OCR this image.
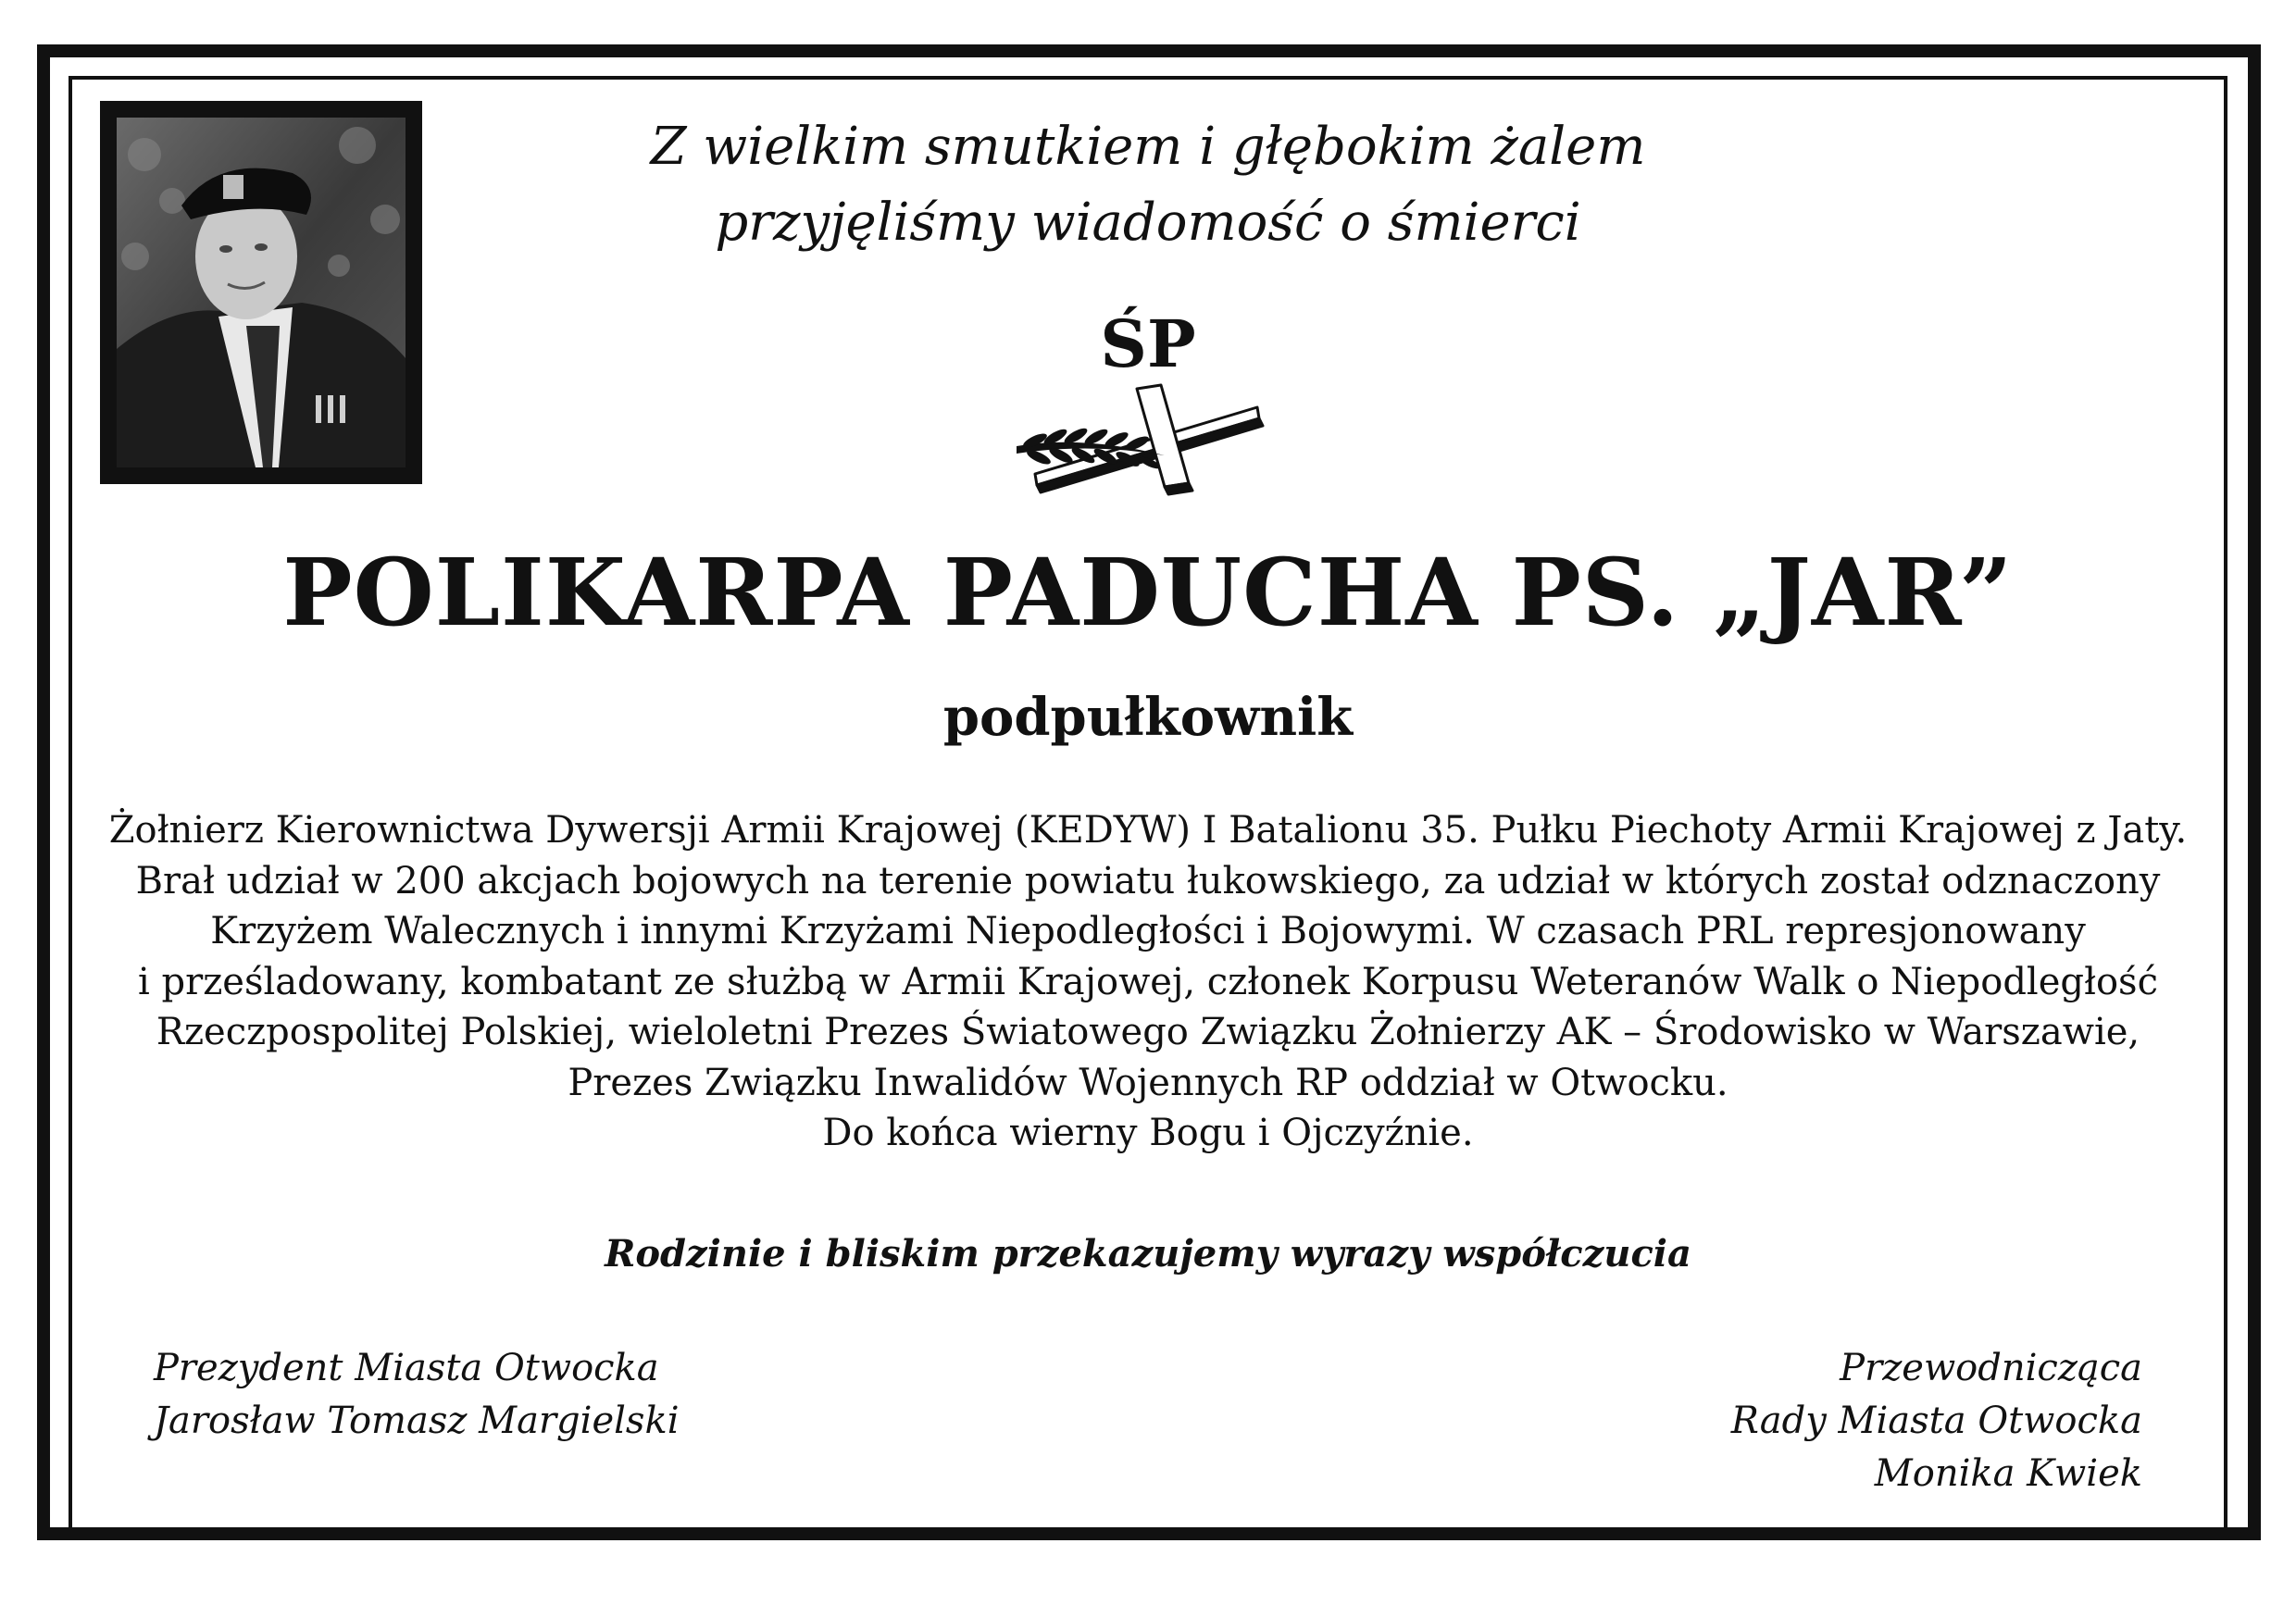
Z wielkim smutkiem i głębokim żalem
przyjęliśmy wiadomość o śmierci
ŚP
POLIKARPA PADUCHA PS. „JAR”
podpułkownik
Żołnierz Kierownictwa Dywersji Armii Krajowej (KEDYW) I Batalionu 35. Pułku Piechoty Armii Krajowej z Jaty.
Brał udział w 200 akcjach bojowych na terenie powiatu łukowskiego, za udział w których został odznaczony
Krzyżem Walecznych i innymi Krzyżami Niepodległości i Bojowymi. W czasach PRL represjonowany
i prześladowany, kombatant ze służbą w Armii Krajowej, członek Korpusu Weteranów Walk o Niepodległość
Rzeczpospolitej Polskiej, wieloletni Prezes Światowego Związku Żołnierzy AK – Środowisko w Warszawie,
Prezes Związku Inwalidów Wojennych RP oddział w Otwocku.
Do końca wierny Bogu i Ojczyźnie.
Rodzinie i bliskim przekazujemy wyrazy współczucia
Prezydent Miasta Otwocka
Jarosław Tomasz Margielski
Przewodnicząca
Rady Miasta Otwocka
Monika Kwiek
